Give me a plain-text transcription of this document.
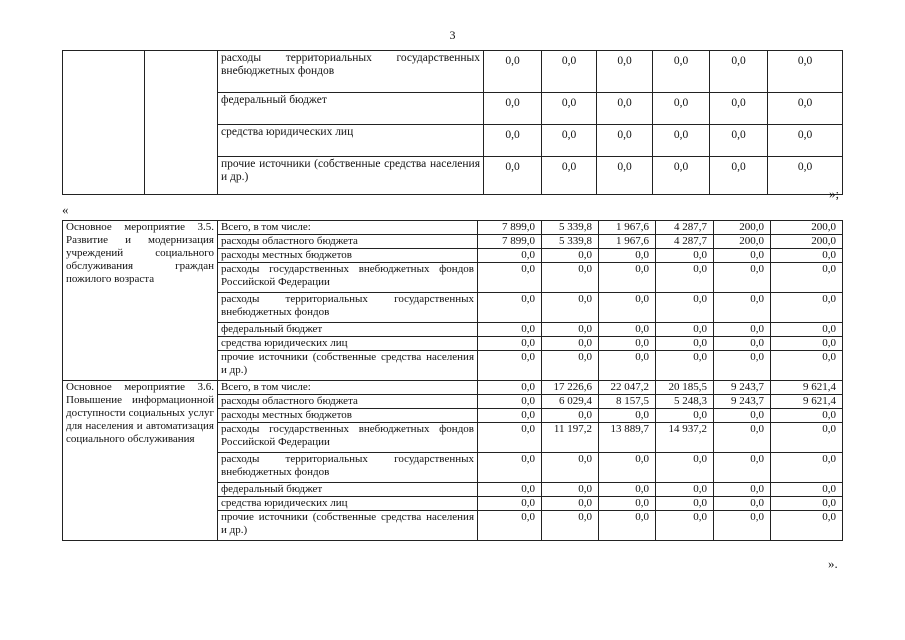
3
		расходы территориальных государственных внебюджетных фондов	0,0	0,0	0,0	0,0	0,0	0,0
		федеральный бюджет	0,0	0,0	0,0	0,0	0,0	0,0
		средства юридических лиц	0,0	0,0	0,0	0,0	0,0	0,0
		прочие источники (собственные средства населения и др.)	0,0	0,0	0,0	0,0	0,0	0,0
»;
«
Основное мероприятие 3.5. Развитие и модернизация учреждений социального обслуживания граждан пожилого возраста	Всего, в том числе:	7 899,0	5 339,8	1 967,6	4 287,7	200,0	200,0
	расходы областного бюджета	7 899,0	5 339,8	1 967,6	4 287,7	200,0	200,0
	расходы местных бюджетов	0,0	0,0	0,0	0,0	0,0	0,0
	расходы государственных внебюджетных фондов Российской Федерации	0,0	0,0	0,0	0,0	0,0	0,0
	расходы территориальных государственных внебюджетных фондов	0,0	0,0	0,0	0,0	0,0	0,0
	федеральный бюджет	0,0	0,0	0,0	0,0	0,0	0,0
	средства юридических лиц	0,0	0,0	0,0	0,0	0,0	0,0
	прочие источники (собственные средства населения и др.)	0,0	0,0	0,0	0,0	0,0	0,0
Основное мероприятие 3.6. Повышение информационной доступности социальных услуг для населения и автоматизация социального обслуживания	Всего, в том числе:	0,0	17 226,6	22 047,2	20 185,5	9 243,7	9 621,4
	расходы областного бюджета	0,0	6 029,4	8 157,5	5 248,3	9 243,7	9 621,4
	расходы местных бюджетов	0,0	0,0	0,0	0,0	0,0	0,0
	расходы государственных внебюджетных фондов Российской Федерации	0,0	11 197,2	13 889,7	14 937,2	0,0	0,0
	расходы территориальных государственных внебюджетных фондов	0,0	0,0	0,0	0,0	0,0	0,0
	федеральный бюджет	0,0	0,0	0,0	0,0	0,0	0,0
	средства юридических лиц	0,0	0,0	0,0	0,0	0,0	0,0
	прочие источники (собственные средства населения и др.)	0,0	0,0	0,0	0,0	0,0	0,0
».
